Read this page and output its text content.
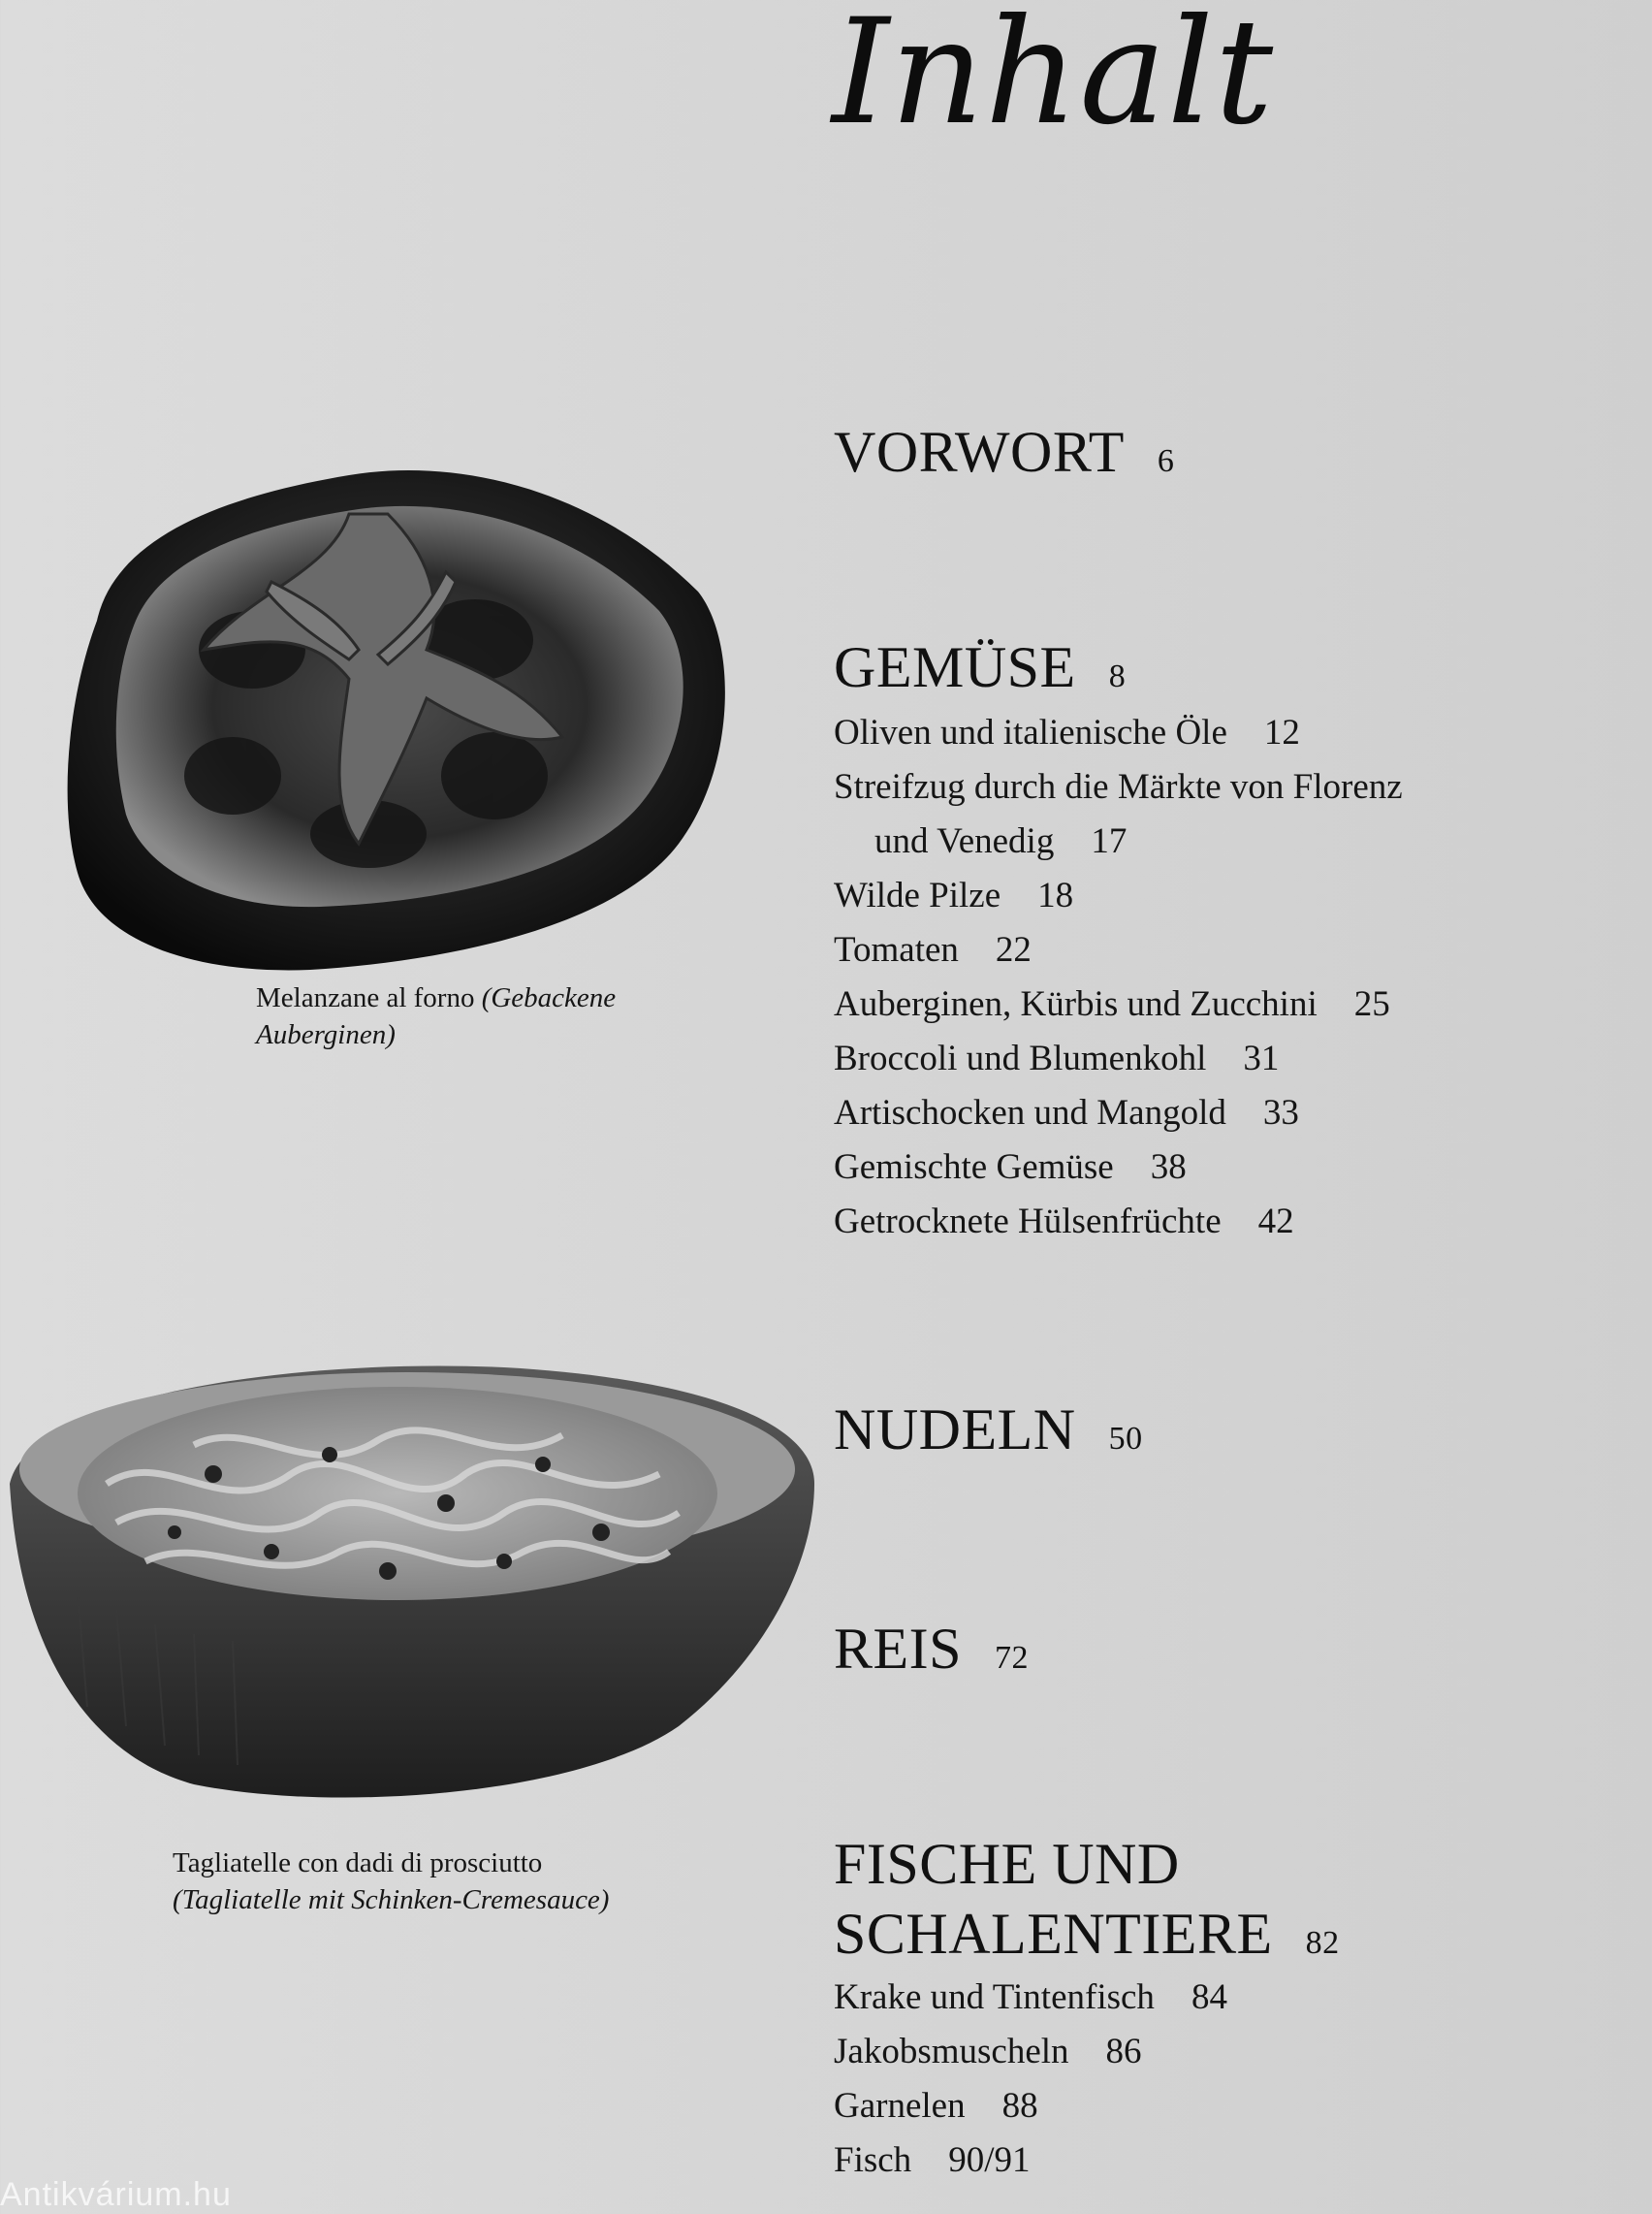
Inhalt
Melanzane al forno (Gebackene
Auberginen)
Tagliatelle con dadi di prosciutto
(Tagliatelle mit Schinken-Cremesauce)
VORWORT 6
GEMÜSE 8
Oliven und italienische Öle 12
Streifzug durch die Märkte von Florenz
und Venedig 17
Wilde Pilze 18
Tomaten 22
Auberginen, Kürbis und Zucchini 25
Broccoli und Blumenkohl 31
Artischocken und Mangold 33
Gemischte Gemüse 38
Getrocknete Hülsenfrüchte 42
NUDELN 50
REIS 72
FISCHE UND
SCHALENTIERE 82
Krake und Tintenfisch 84
Jakobsmuscheln 86
Garnelen 88
Fisch 90/91
Antikvárium.hu
